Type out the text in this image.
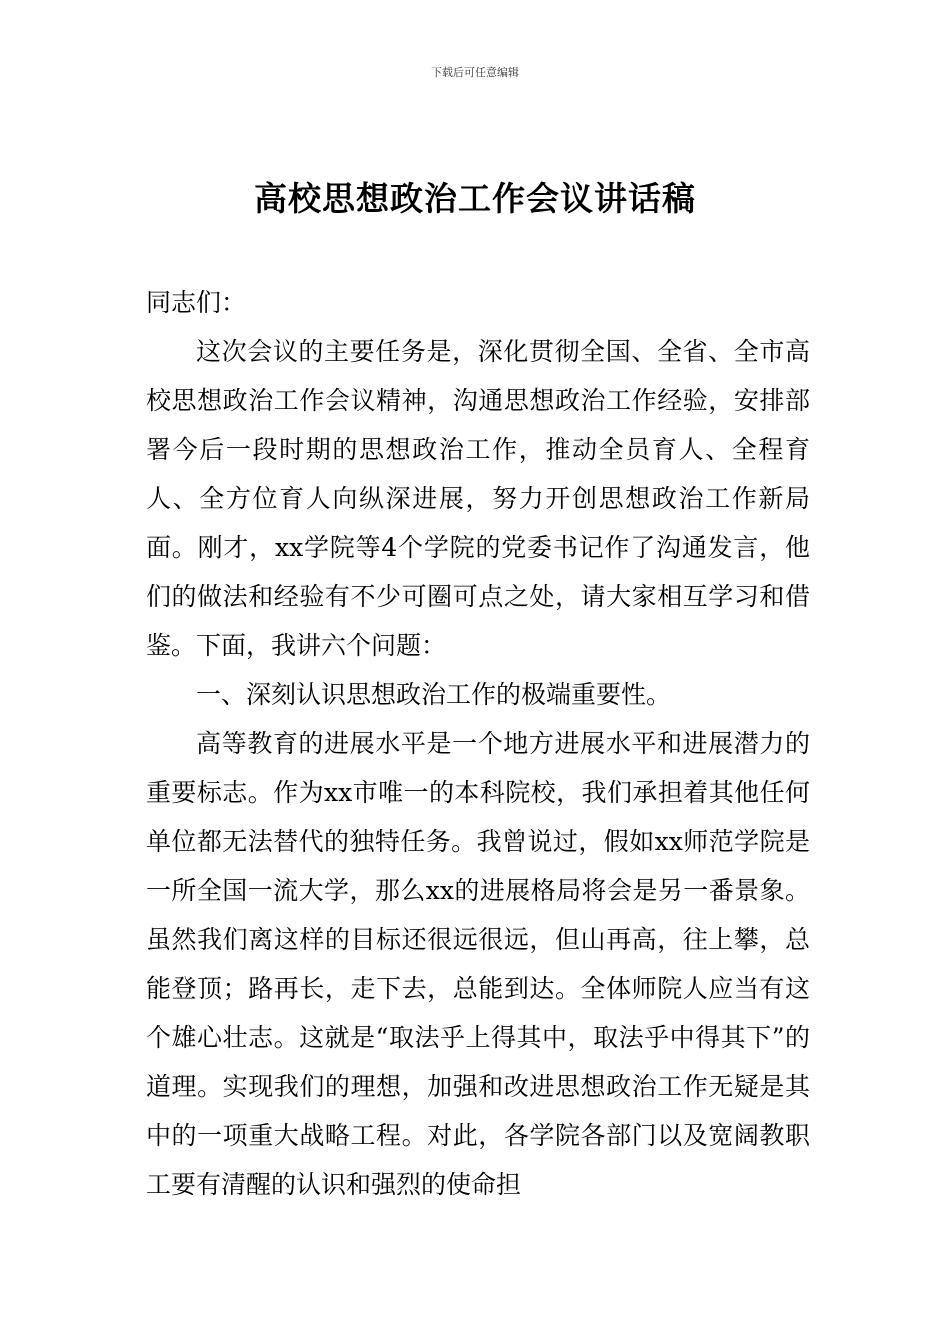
下载后可任意编辑
高校思想政治工作会议讲话稿

同志们：

这次会议的主要任务是，深化贯彻全国、全省、全市高校思想政治工作会议精神，沟通思想政治工作经验，安排部署今后一段时期的思想政治工作，推动全员育人、全程育人、全方位育人向纵深进展，努力开创思想政治工作新局面。刚才，xx学院等4个学院的党委书记作了沟通发言，他们的做法和经验有不少可圈可点之处，请大家相互学习和借鉴。下面，我讲六个问题：

一、深刻认识思想政治工作的极端重要性。

高等教育的进展水平是一个地方进展水平和进展潜力的重要标志。作为xx市唯一的本科院校，我们承担着其他任何单位都无法替代的独特任务。我曾说过，假如xx师范学院是一所全国一流大学，那么xx的进展格局将会是另一番景象。虽然我们离这样的目标还很远很远，但山再高，往上攀，总能登顶；路再长，走下去，总能到达。全体师院人应当有这个雄心壮志。这就是“取法乎上得其中，取法乎中得其下”的道理。实现我们的理想，加强和改进思想政治工作无疑是其中的一项重大战略工程。对此，各学院各部门以及宽阔教职工要有清醒的认识和强烈的使命担
